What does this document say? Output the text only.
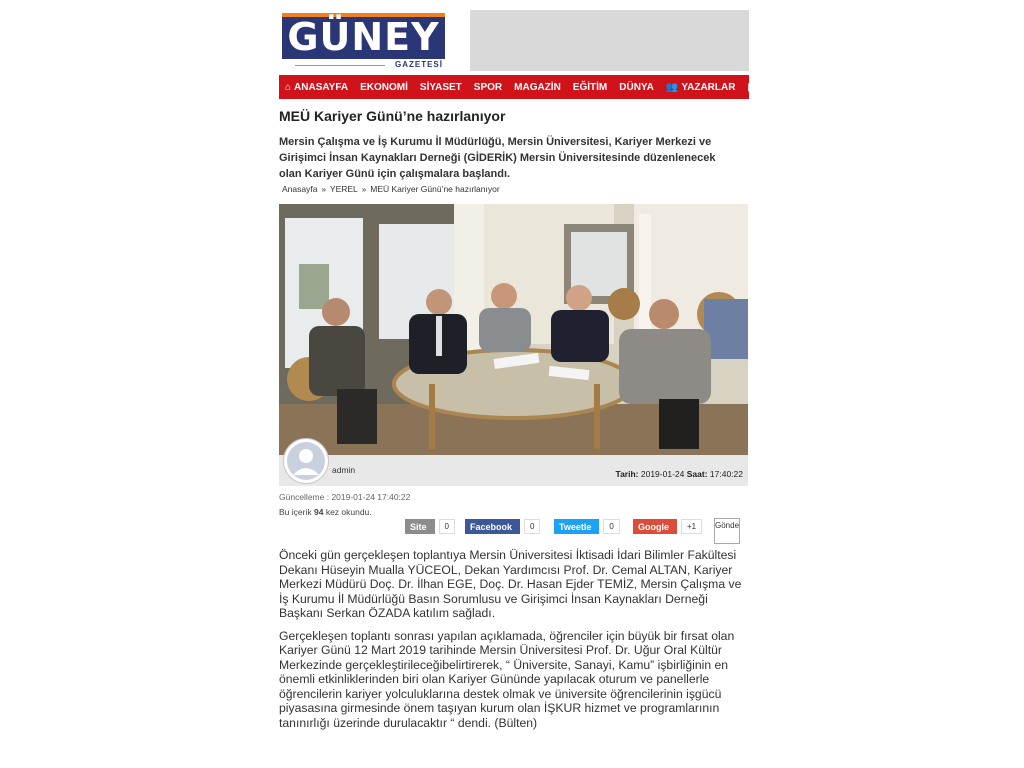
GÜNEY
GAZETESİ
⌂ ANASAYFA EKONOMİ SİYASET SPOR MAGAZİN EĞİTİM DÜNYA 👥 YAZARLAR ▣ GA
MEÜ Kariyer Günü’ne hazırlanıyor
Mersin Çalışma ve İş Kurumu İl Müdürlüğü, Mersin Üniversitesi, Kariyer Merkezi ve Girişimci İnsan Kaynakları Derneği (GİDERİK) Mersin Üniversitesinde düzenlenecek olan Kariyer Günü için çalışmalara başlandı.
Anasayfa » YEREL » MEÜ Kariyer Günü’ne hazırlanıyor
admin	Tarih: 2019-01-24 Saat: 17:40:22
Güncelleme : 2019-01-24 17:40:22
Bu içerik 94 kez okundu.
Site	0	Facebook	0	Tweetle	0	Google	+1	Gönde

Önceki gün gerçekleşen toplantıya Mersin Üniversitesi İktisadi İdari Bilimler Fakültesi Dekanı Hüseyin Mualla YÜCEOL, Dekan Yardımcısı Prof. Dr. Cemal ALTAN, Kariyer Merkezi Müdürü Doç. Dr. İlhan EGE, Doç. Dr. Hasan Ejder TEMİZ, Mersin Çalışma ve İş Kurumu İl Müdürlüğü Basın Sorumlusu ve Girişimci İnsan Kaynakları Derneği Başkanı Serkan ÖZADA katılım sağladı.

Gerçekleşen toplantı sonrası yapılan açıklamada, öğrenciler için büyük bir fırsat olan Kariyer Günü 12 Mart 2019 tarihinde Mersin Üniversitesi Prof. Dr. Uğur Oral Kültür Merkezinde gerçekleştirileceğibelirtirerek, “ Üniversite, Sanayi, Kamu” işbirliğinin en önemli etkinliklerinden biri olan Kariyer Gününde yapılacak oturum ve panellerle öğrencilerin kariyer yolculuklarına destek olmak ve üniversite öğrencilerinin işgücü piyasasına girmesinde önem taşıyan kurum olan İŞKUR hizmet ve programlarının tanınırlığı üzerinde durulacaktır “ dendi. (Bülten)
